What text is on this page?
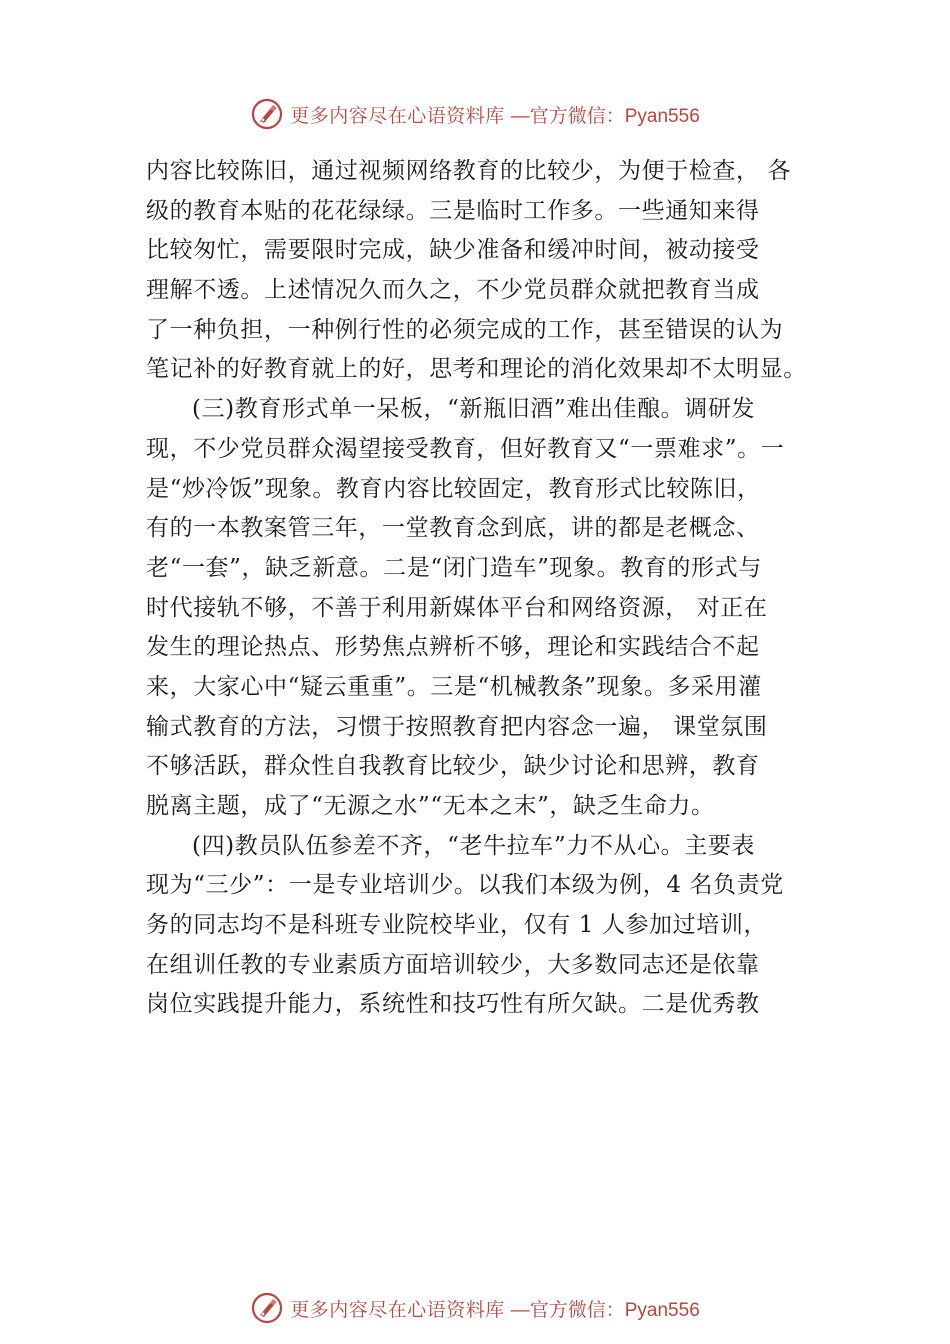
更多内容尽在心语资料库 —官方微信：Pyan556
内容比较陈旧，通过视频网络教育的比较少，为便于检查， 各
级的教育本贴的花花绿绿。三是临时工作多。一些通知来得
比较匆忙，需要限时完成，缺少准备和缓冲时间，被动接受
理解不透。上述情况久而久之，不少党员群众就把教育当成
了一种负担，一种例行性的必须完成的工作，甚至错误的认为
笔记补的好教育就上的好，思考和理论的消化效果却不太明显。
(三)教育形式单一呆板，“新瓶旧酒”难出佳酿。调研发
现，不少党员群众渴望接受教育，但好教育又“一票难求”。一
是“炒冷饭”现象。教育内容比较固定，教育形式比较陈旧，
有的一本教案管三年，一堂教育念到底，讲的都是老概念、
老“一套”，缺乏新意。二是“闭门造车”现象。教育的形式与
时代接轨不够，不善于利用新媒体平台和网络资源， 对正在
发生的理论热点、形势焦点辨析不够，理论和实践结合不起
来，大家心中“疑云重重”。三是“机械教条”现象。多采用灌
输式教育的方法，习惯于按照教育把内容念一遍， 课堂氛围
不够活跃，群众性自我教育比较少，缺少讨论和思辨，教育
脱离主题，成了“无源之水”“无本之末”，缺乏生命力。
(四)教员队伍参差不齐，“老牛拉车”力不从心。主要表
现为“三少”：一是专业培训少。以我们本级为例，4 名负责党
务的同志均不是科班专业院校毕业，仅有 1 人参加过培训，
在组训任教的专业素质方面培训较少，大多数同志还是依靠
岗位实践提升能力，系统性和技巧性有所欠缺。二是优秀教
更多内容尽在心语资料库 —官方微信：Pyan556
